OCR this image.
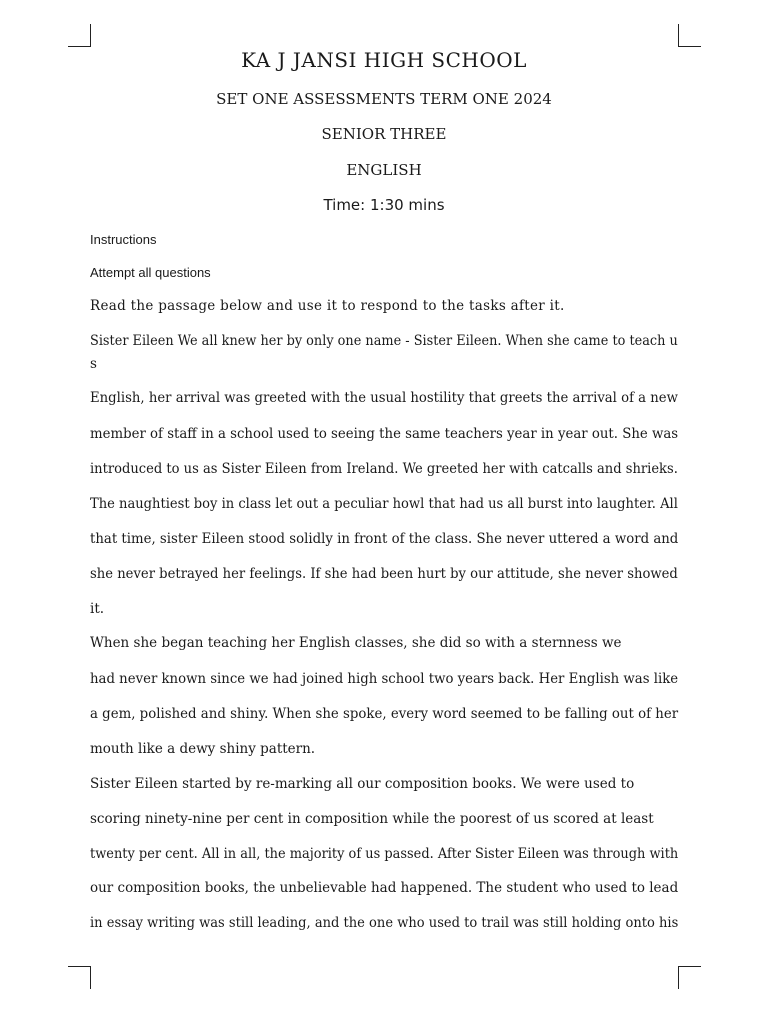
KA J JANSI HIGH SCHOOL
SET ONE ASSESSMENTS TERM ONE 2024
SENIOR THREE
ENGLISH
Time: 1:30 mins
Instructions
Attempt all questions
Read the passage below and use it to respond to the tasks after it.
Sister Eileen We all knew her by only one name - Sister Eileen. When she came to teach u
s
English, her arrival was greeted with the usual hostility that greets the arrival of a new
member of staff in a school used to seeing the same teachers year in year out. She was
introduced to us as Sister Eileen from Ireland. We greeted her with catcalls and shrieks.
The naughtiest boy in class let out a peculiar howl that had us all burst into laughter. All
that time, sister Eileen stood solidly in front of the class. She never uttered a word and
she never betrayed her feelings. If she had been hurt by our attitude, she never showed
it.
When she began teaching her English classes, she did so with a sternness we
had never known since we had joined high school two years back. Her English was like
a gem, polished and shiny. When she spoke, every word seemed to be falling out of her
mouth like a dewy shiny pattern.
Sister Eileen started by re-marking all our composition books. We were used to
scoring ninety-nine per cent in composition while the poorest of us scored at least
twenty per cent. All in all, the majority of us passed. After Sister Eileen was through with
our composition books, the unbelievable had happened. The student who used to lead
in essay writing was still leading, and the one who used to trail was still holding onto his
